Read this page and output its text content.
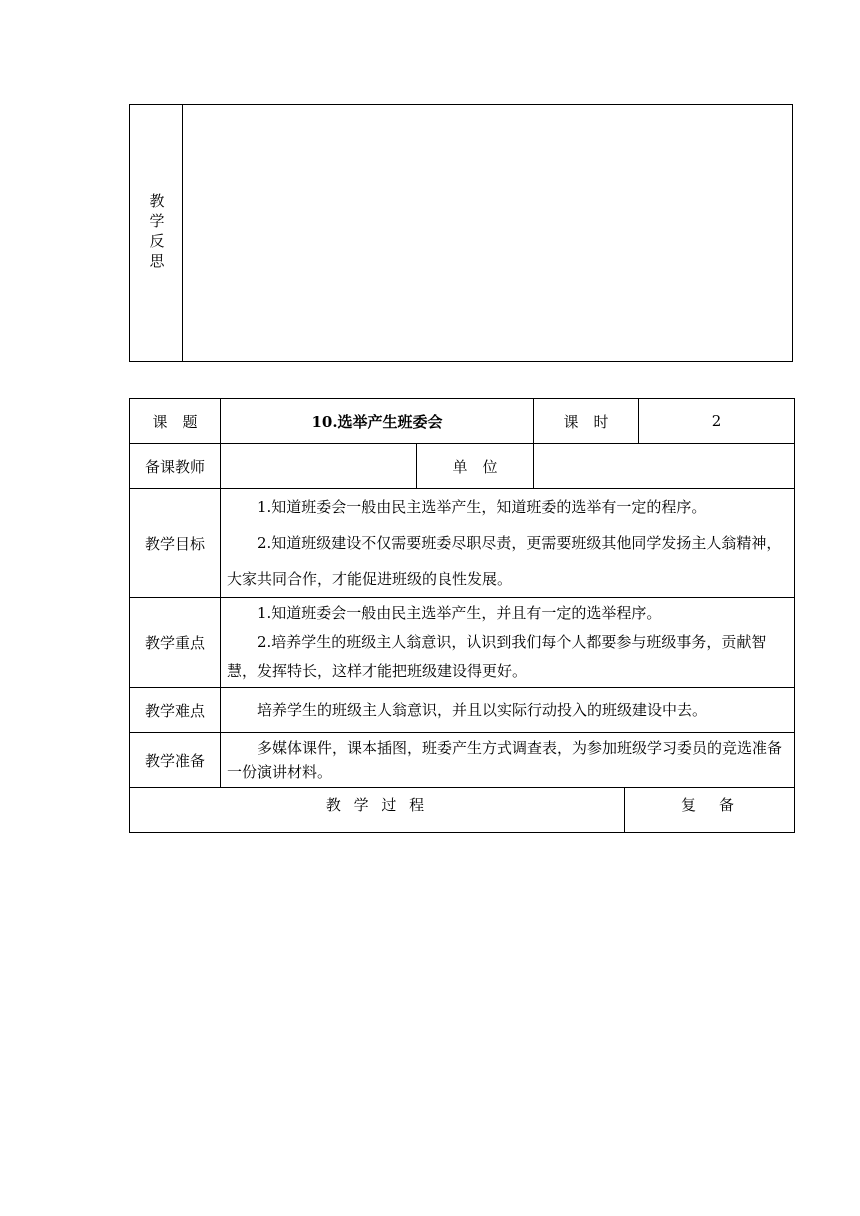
教学反思
课　题	10.选举产生班委会		课　时		2
备课教师		单　位			
教学目标	1.知道班委会一般由民主选举产生，知道班委的选举有一定的程序。

2.知道班级建设不仅需要班委尽职尽责，更需要班级其他同学发扬主人翁精神，大家共同合作，才能促进班级的良性发展。				

教学重点	1.知道班委会一般由民主选举产生，并且有一定的选举程序。

2.培养学生的班级主人翁意识，认识到我们每个人都要参与班级事务，贡献智慧，发挥特长，这样才能把班级建设得更好。				

教学难点	培养学生的班级主人翁意识，并且以实际行动投入的班级建设中去。				

教学准备	多媒体课件，课本插图，班委产生方式调查表，为参加班级学习委员的竞选准备一份演讲材料。				

教 学 过 程				复　备	
